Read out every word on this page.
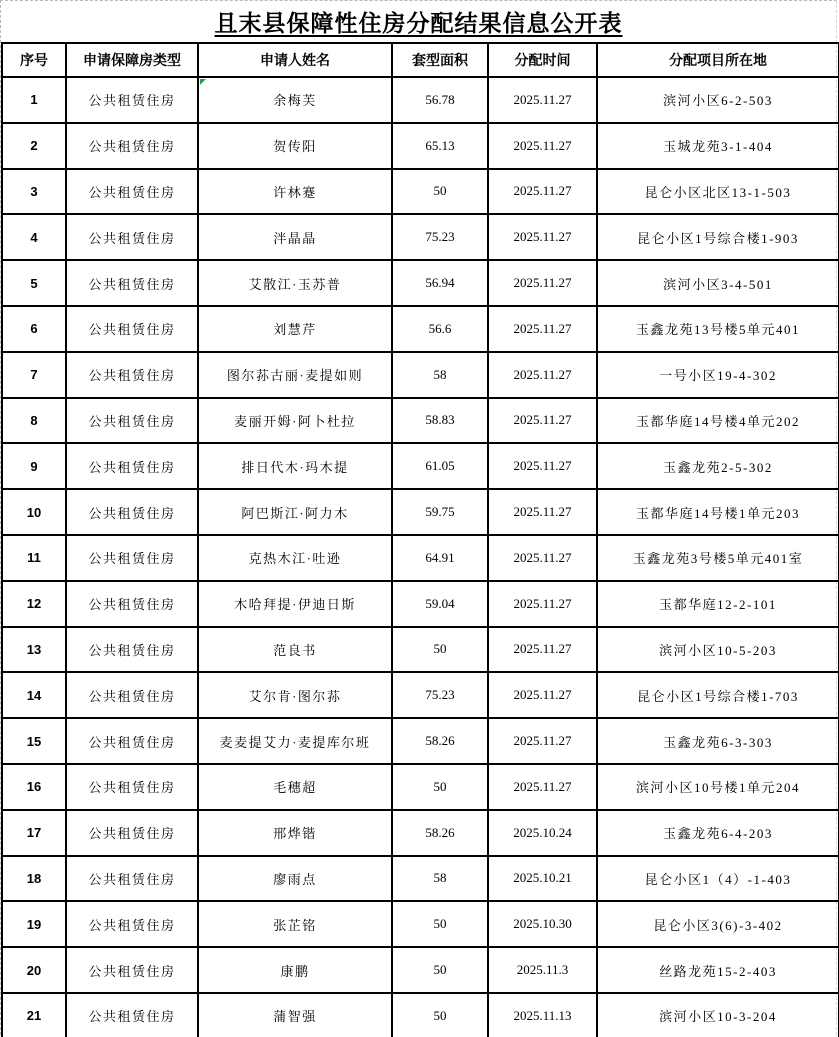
且末县保障性住房分配结果信息公开表
序号	申请保障房类型	申请人姓名	套型面积	分配时间	分配项目所在地
1	公共租赁住房	余梅芙	56.78	2025.11.27	滨河小区6-2-503
2	公共租赁住房	贺传阳	65.13	2025.11.27	玉城龙苑3-1-404
3	公共租赁住房	许林蹇	50	2025.11.27	昆仑小区北区13-1-503
4	公共租赁住房	泮晶晶	75.23	2025.11.27	昆仑小区1号综合楼1-903
5	公共租赁住房	艾散江·玉苏普	56.94	2025.11.27	滨河小区3-4-501
6	公共租赁住房	刘慧芹	56.6	2025.11.27	玉鑫龙苑13号楼5单元401
7	公共租赁住房	图尔荪古丽·麦提如则	58	2025.11.27	一号小区19-4-302
8	公共租赁住房	麦丽开姆·阿卜杜拉	58.83	2025.11.27	玉都华庭14号楼4单元202
9	公共租赁住房	排日代木·玛木提	61.05	2025.11.27	玉鑫龙苑2-5-302
10	公共租赁住房	阿巴斯江·阿力木	59.75	2025.11.27	玉都华庭14号楼1单元203
11	公共租赁住房	克热木江·吐逊	64.91	2025.11.27	玉鑫龙苑3号楼5单元401室
12	公共租赁住房	木哈拜提·伊迪日斯	59.04	2025.11.27	玉都华庭12-2-101
13	公共租赁住房	范良书	50	2025.11.27	滨河小区10-5-203
14	公共租赁住房	艾尔肯·图尔荪	75.23	2025.11.27	昆仑小区1号综合楼1-703
15	公共租赁住房	麦麦提艾力·麦提库尔班	58.26	2025.11.27	玉鑫龙苑6-3-303
16	公共租赁住房	毛穗超	50	2025.11.27	滨河小区10号楼1单元204
17	公共租赁住房	邢烨锴	58.26	2025.10.24	玉鑫龙苑6-4-203
18	公共租赁住房	廖雨点	58	2025.10.21	昆仑小区1（4）-1-403
19	公共租赁住房	张芷铭	50	2025.10.30	昆仑小区3(6)-3-402
20	公共租赁住房	康鹏	50	2025.11.3	丝路龙苑15-2-403
21	公共租赁住房	蒲智强	50	2025.11.13	滨河小区10-3-204
